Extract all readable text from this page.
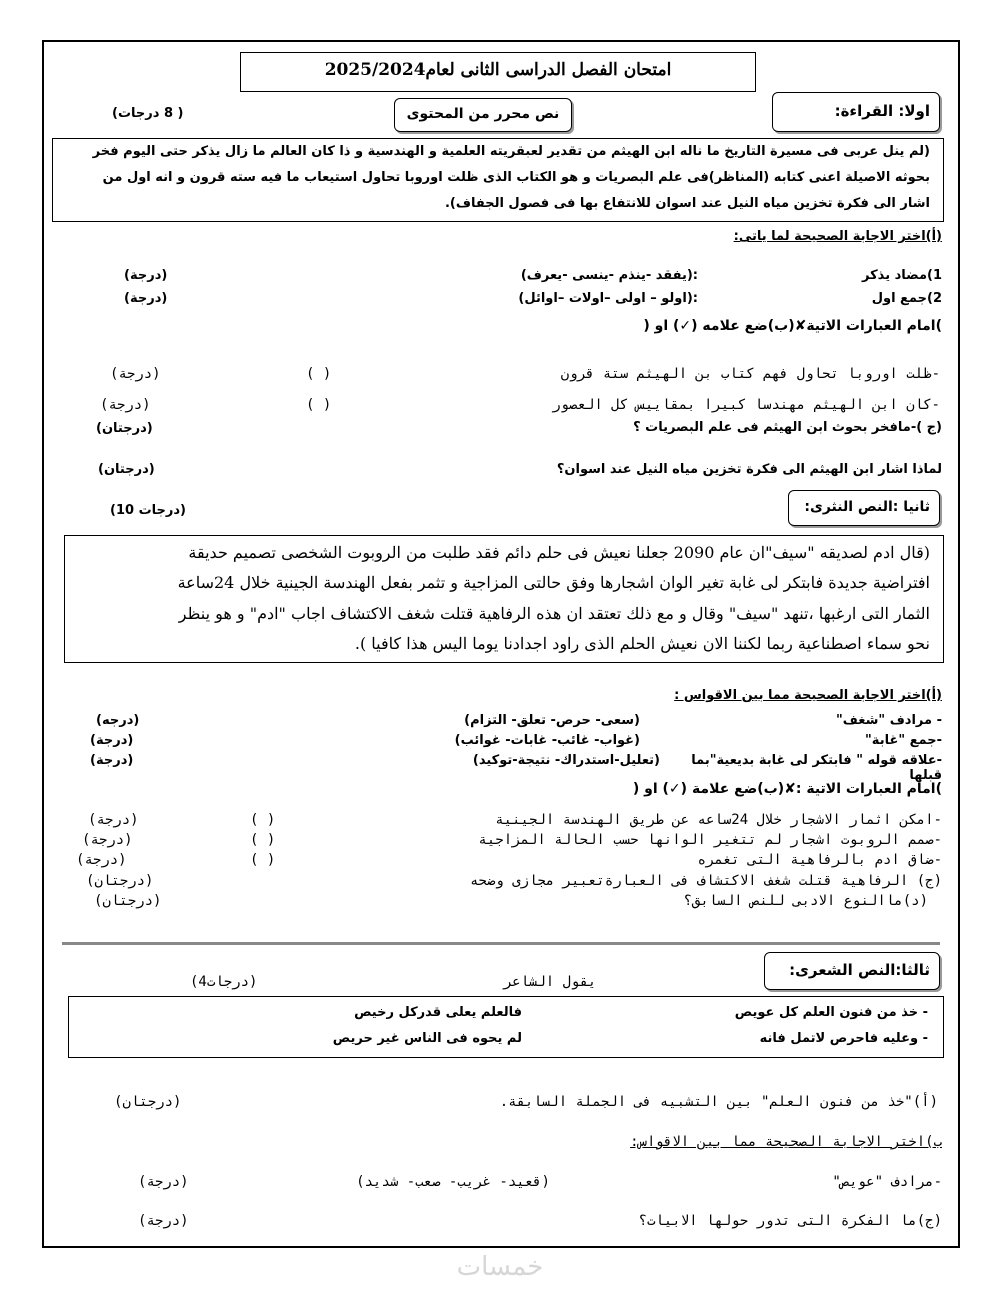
امتحان الفصل الدراسى الثانى لعام2025/2024
اولا: القراءة:
نص محرر من المحتوى
( 8 درجات)
(لم ينل عربى فى مسيرة التاريخ ما ناله ابن الهيثم من تقدير لعبقريته العلمية و الهندسية و ذا كان العالم ما زال يذكر حتى اليوم فخر
بحوثه الاصيلة اعنى كتابه (المناظر)فى علم البصريات و هو الكتاب الذى ظلت اوروبا تحاول استيعاب ما فيه سته قرون و انه اول من
اشار الى فكرة تخزين مياه النيل عند اسوان للانتفاع بها فى فصول الجفاف).
(أ)اختر الاجابة الصحيحة لما ياتى:
1)مضاد يذكر
:(يفقد -ينذم -ينسى -يعرف)
(درجة)
2)جمع اول
:(اولو – اولى –اولات –اوائل)
(درجة)
)امام العبارات الاتية✘(ب)ضع علامه (✓) او (
-ظلت اوروبا تحاول فهم كتاب بن الهيثم ستة قرون
( )
(درجة)
-كان ابن الهيثم مهندسا كبيرا بمقاييس كل العصور
( )
(درجة)
(ج )-مافخر بحوث ابن الهيثم فى علم البصريات ؟
(درجتان)
لماذا اشار ابن الهيثم الى فكرة تخزين مياه النيل عند اسوان؟
(درجتان)
ثانيا :النص النثرى:
(10 درجات)
(قال ادم لصديقه "سيف"ان عام 2090 جعلنا نعيش فى حلم دائم فقد طلبت من الروبوت الشخصى تصميم حديقة
افتراضية جديدة فابتكر لى غابة تغير الوان اشجارها وفق حالتى المزاجية و تثمر بفعل الهندسة الجينية خلال 24ساعة
الثمار التى ارغبها ،تنهد "سيف" وقال و مع ذلك تعتقد ان هذه الرفاهية قتلت شغف الاكتشاف اجاب "ادم" و هو ينظر
نحو سماء اصطناعية ربما لكننا الان نعيش الحلم الذى راود اجدادنا يوما اليس هذا كافيا ).
(أ)اختر الاجابة الصحيحة مما بين الاقواس :
- مرادف "شغف"
(سعى- حرص- تعلق- التزام)
(درجه)
-جمع "غابة"
(غواب- غائب- غابات- غوائب)
(درجة)
-علاقه قوله " فابتكر لى غابة بديعية"بما قبلها
(تعليل-استدراك- نتيجة-توكيد)
(درجة)
)امام العبارات الاتية :✘(ب)ضع علامة (✓) او (
-امكن اثمار الاشجار خلال 24ساعه عن طريق الهندسة الجينية
( )
(درجة)
-صمم الروبوت اشجار لم تتغير الوانها حسب الحالة المزاجية
( )
(درجة)
-ضاق ادم بالرفاهية التى تغمره
( )
(درجة)
(ج) الرفاهية قتلت شغف الاكتشاف فى العبارةتعبير مجازى وضحه
(درجتان)
(د)ماالنوع الادبى للنص السابق؟
(درجتان)
ثالثا:النص الشعرى:
يقول الشاعر
(4درجات)
- خذ من فنون العلم كل عويص
فالعلم يعلى قدركل رخيص
- وعليه فاحرص لاتمل فانه
لم يحوه فى الناس غير حريص
(أ)"خذ من فنون العلم" بين التشبيه فى الجملة السابقة.
(درجتان)
ب)اختر الاجابة الصحيحة مما بين الاقواس:
-مرادف "عويص"
(قعيد- غريب- صعب- شديد)
(درجة)
(ج)ما الفكرة التى تدور حولها الابيات؟
(درجة)
خمسات
